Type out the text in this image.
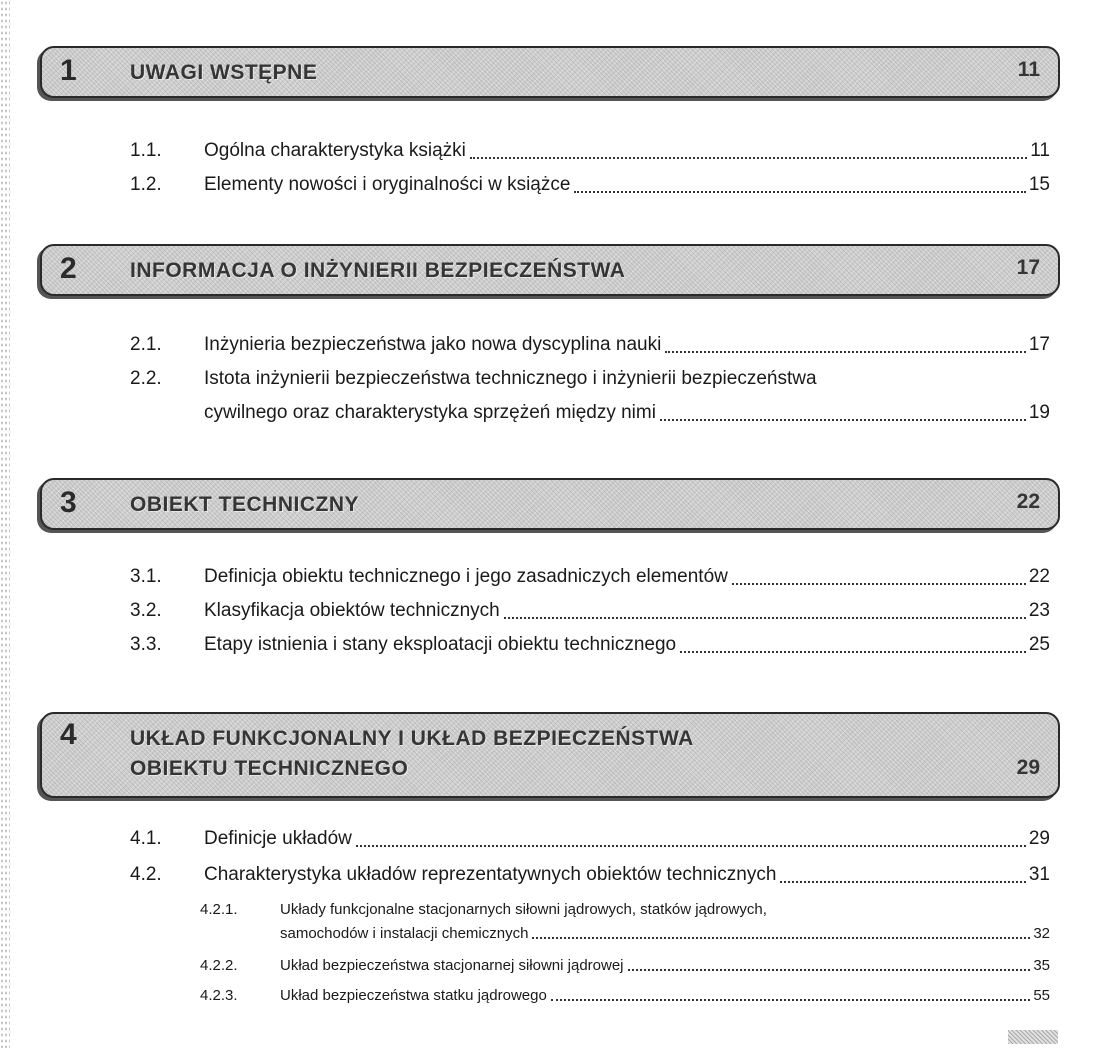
1	UWAGI WSTĘPNE	11
1.1. Ogólna charakterystyka książki	11
1.2. Elementy nowości i oryginalności w książce	15
2	INFORMACJA O INŻYNIERII BEZPIECZEŃSTWA	17
2.1. Inżynieria bezpieczeństwa jako nowa dyscyplina nauki	17
2.2. Istota inżynierii bezpieczeństwa technicznego i inżynierii bezpieczeństwa
cywilnego oraz charakterystyka sprzężeń między nimi	19
3	OBIEKT TECHNICZNY	22
3.1. Definicja obiektu technicznego i jego zasadniczych elementów	22
3.2. Klasyfikacja obiektów technicznych	23
3.3. Etapy istnienia i stany eksploatacji obiektu technicznego	25
4	UKŁAD FUNKCJONALNY I UKŁAD BEZPIECZEŃSTWA
OBIEKTU TECHNICZNEGO	29
4.1. Definicje układów	29
4.2. Charakterystyka układów reprezentatywnych obiektów technicznych	31
4.2.1.	Układy funkcjonalne stacjonarnych siłowni jądrowych, statków jądrowych,
samochodów i instalacji chemicznych	32
4.2.2.	Układ bezpieczeństwa stacjonarnej siłowni jądrowej	35
4.2.3.	Układ bezpieczeństwa statku jądrowego	55
